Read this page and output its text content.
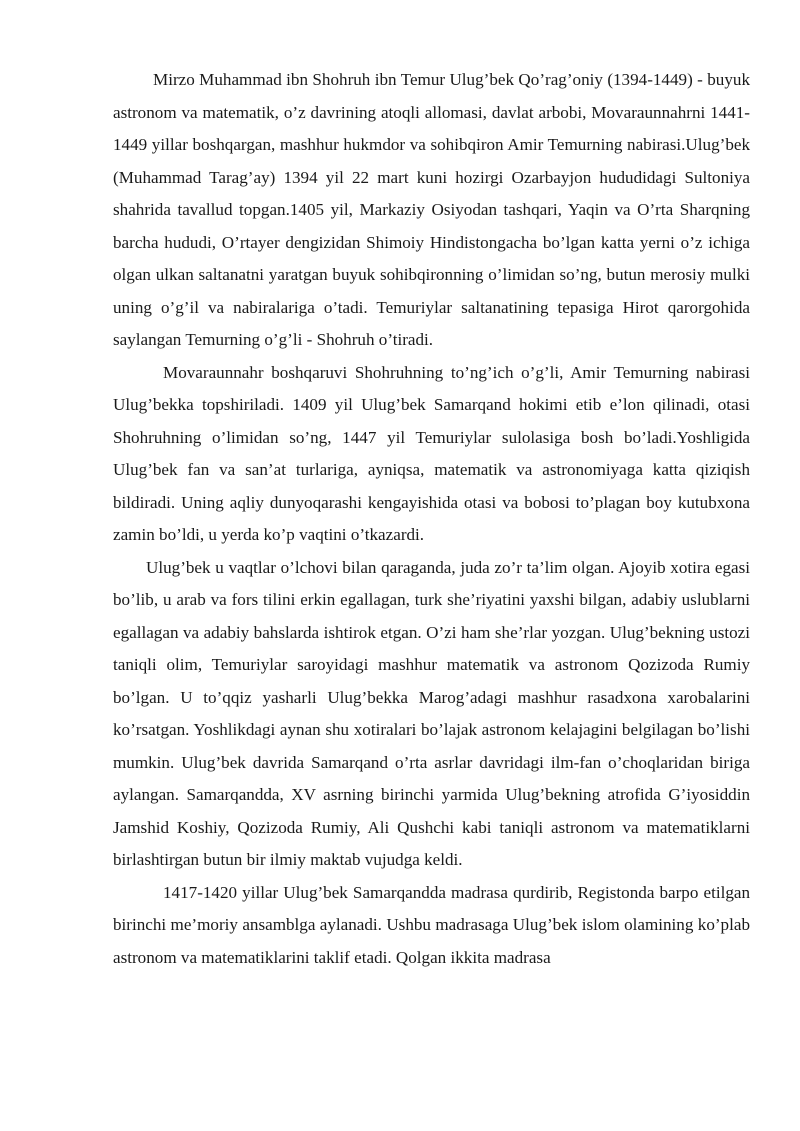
Mirzo Muhammad ibn Shohruh ibn Temur Ulug’bek Qo’rag’oniy (1394-1449) - buyuk astronom va matematik, o’z davrining atoqli allomasi, davlat arbobi, Movaraunnahrni 1441-1449 yillar boshqargan, mashhur hukmdor va sohibqiron Amir Temurning nabirasi.Ulug’bek (Muhammad Tarag’ay) 1394 yil 22 mart kuni hozirgi Ozarbayjon hududidagi Sultoniya shahrida tavallud topgan.1405 yil, Markaziy Osiyodan tashqari, Yaqin va O’rta Sharqning barcha hududi, O’rtayer dengizidan Shimoiy Hindistongacha bo’lgan katta yerni o’z ichiga olgan ulkan saltanatni yaratgan buyuk sohibqironning o’limidan so’ng, butun merosiy mulki uning o’g’il va nabiralariga o’tadi. Temuriylar saltanatining tepasiga Hirot qarorgohida saylangan Temurning o’g’li - Shohruh o’tiradi.

Movaraunnahr boshqaruvi Shohruhning to’ng’ich o’g’li, Amir Temurning nabirasi Ulug’bekka topshiriladi. 1409 yil Ulug’bek Samarqand hokimi etib e’lon qilinadi, otasi Shohruhning o’limidan so’ng, 1447 yil Temuriylar sulolasiga bosh bo’ladi.Yoshligida Ulug’bek fan va san’at turlariga, ayniqsa, matematik va astronomiyaga katta qiziqish bildiradi. Uning aqliy dunyoqarashi kengayishida otasi va bobosi to’plagan boy kutubxona zamin bo’ldi, u yerda ko’p vaqtini o’tkazardi.

Ulug’bek u vaqtlar o’lchovi bilan qaraganda, juda zo’r ta’lim olgan. Ajoyib xotira egasi bo’lib, u arab va fors tilini erkin egallagan, turk she’riyatini yaxshi bilgan, adabiy uslublarni egallagan va adabiy bahslarda ishtirok etgan. O’zi ham she’rlar yozgan. Ulug’bekning ustozi taniqli olim, Temuriylar saroyidagi mashhur matematik va astronom Qozizoda Rumiy bo’lgan. U to’qqiz yasharli Ulug’bekka Marog’adagi mashhur rasadxona xarobalarini ko’rsatgan. Yoshlikdagi aynan shu xotiralari bo’lajak astronom kelajagini belgilagan bo’lishi mumkin. Ulug’bek davrida Samarqand o’rta asrlar davridagi ilm-fan o’choqlaridan biriga aylangan. Samarqandda, XV asrning birinchi yarmida Ulug’bekning atrofida G’iyosiddin Jamshid Koshiy, Qozizoda Rumiy, Ali Qushchi kabi taniqli astronom va matematiklarni birlashtirgan butun bir ilmiy maktab vujudga keldi.

1417-1420 yillar Ulug’bek Samarqandda madrasa qurdirib, Registonda barpo etilgan birinchi me’moriy ansamblga aylanadi. Ushbu madrasaga Ulug’bek islom olamining ko’plab astronom va matematiklarini taklif etadi. Qolgan ikkita madrasa
